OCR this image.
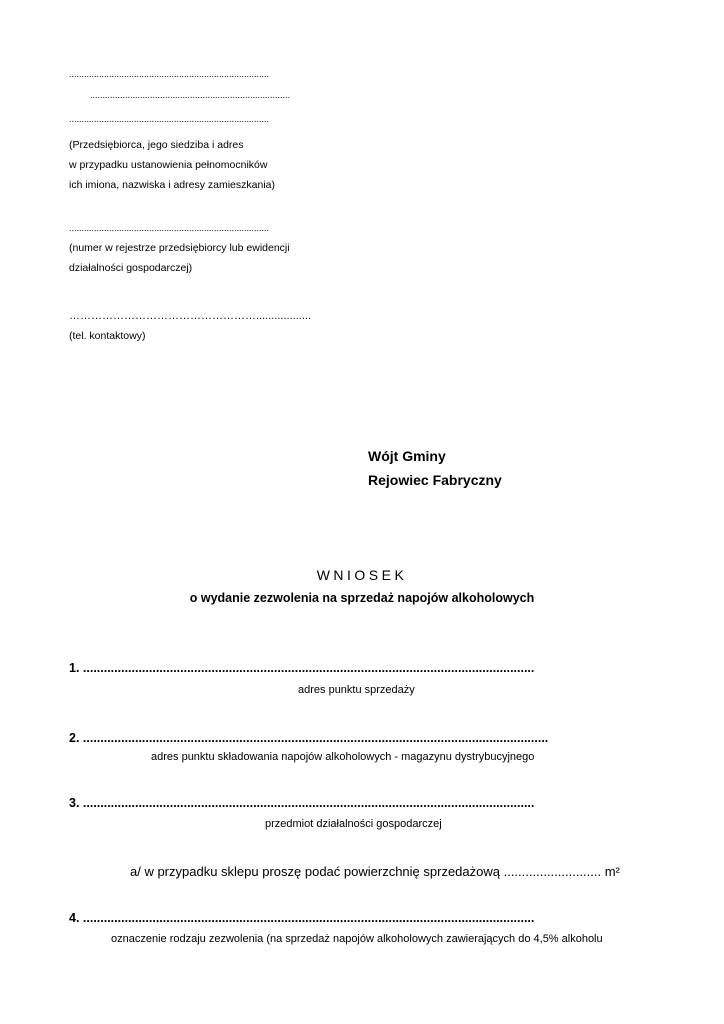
................................................................................
................................................................................
................................................................................
(Przedsiębiorca, jego siedziba i adres
w przypadku ustanowienia pełnomocników
ich imiona, nazwiska i adresy zamieszkania)
................................................................................
(numer w rejestrze przedsiębiorcy lub ewidencji
działalności gospodarczej)
……………………………………………..................
(tel. kontaktowy)
Wójt Gminy
Rejowiec Fabryczny
WNIOSEK
o wydanie zezwolenia na sprzedaż napojów alkoholowych
1. ..................................................................................................................................
adres punktu sprzedaży
2. ......................................................................................................................................
adres punktu składowania napojów alkoholowych - magazynu dystrybucyjnego
3. ..................................................................................................................................
przedmiot działalności gospodarczej
a/ w przypadku sklepu proszę podać powierzchnię sprzedażową ........................... m²
4. ..................................................................................................................................
oznaczenie rodzaju zezwolenia (na sprzedaż napojów alkoholowych zawierających do 4,5% alkoholu
